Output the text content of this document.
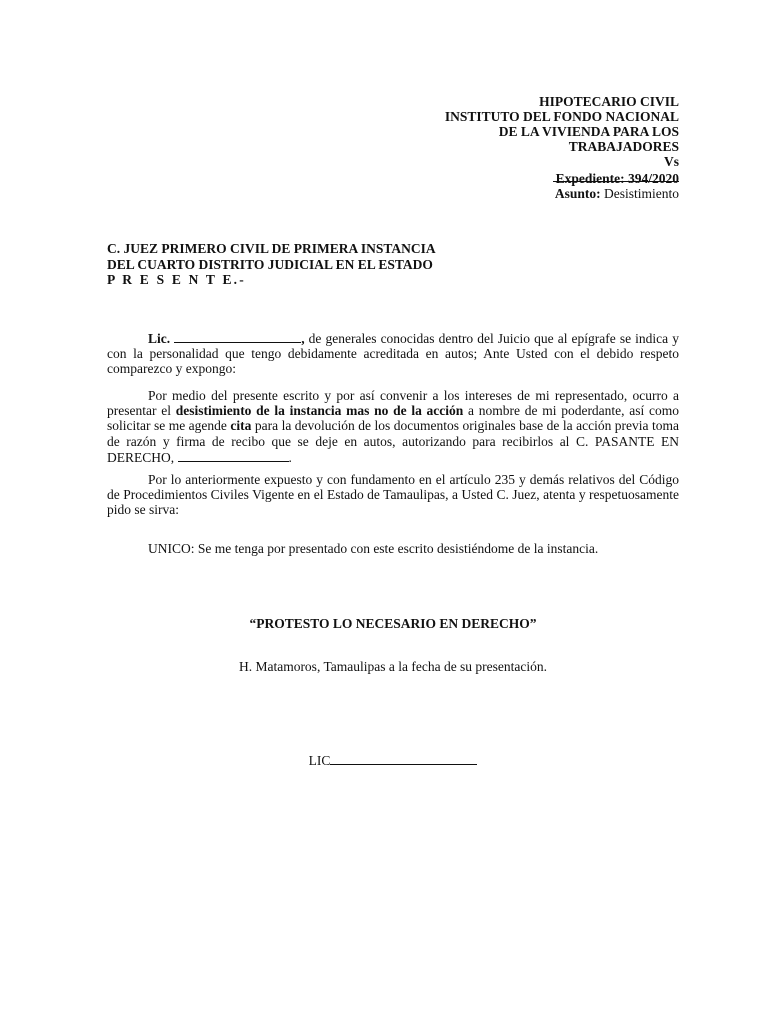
HIPOTECARIO CIVIL
INSTITUTO DEL FONDO NACIONAL
DE LA VIVIENDA PARA LOS
TRABAJADORES
Vs
Expediente: 394/2020
Asunto: Desistimiento
C. JUEZ PRIMERO CIVIL DE PRIMERA INSTANCIA
DEL CUARTO DISTRITO JUDICIAL EN EL ESTADO
P R E S E N T E.-

Lic.	, de generales conocidas dentro del Juicio que al epígrafe se indica y con la personalidad que tengo debidamente acreditada en autos; Ante Usted con el debido respeto comparezco y expongo:

Por medio del presente escrito y por así convenir a los intereses de mi representado, ocurro a presentar el desistimiento de la instancia mas no de la acción a nombre de mi poderdante, así como solicitar se me agende cita para la devolución de los documentos originales base de la acción previa toma de razón y firma de recibo que se deje en autos, autorizando para recibirlos al C. PASANTE EN DERECHO,	.

Por lo anteriormente expuesto y con fundamento en el artículo 235 y demás relativos del Código de Procedimientos Civiles Vigente en el Estado de Tamaulipas, a Usted C. Juez, atenta y respetuosamente pido se sirva:

UNICO: Se me tenga por presentado con este escrito desistiéndome de la instancia.

“PROTESTO LO NECESARIO EN DERECHO”
H. Matamoros, Tamaulipas a la fecha de su presentación.
LIC
